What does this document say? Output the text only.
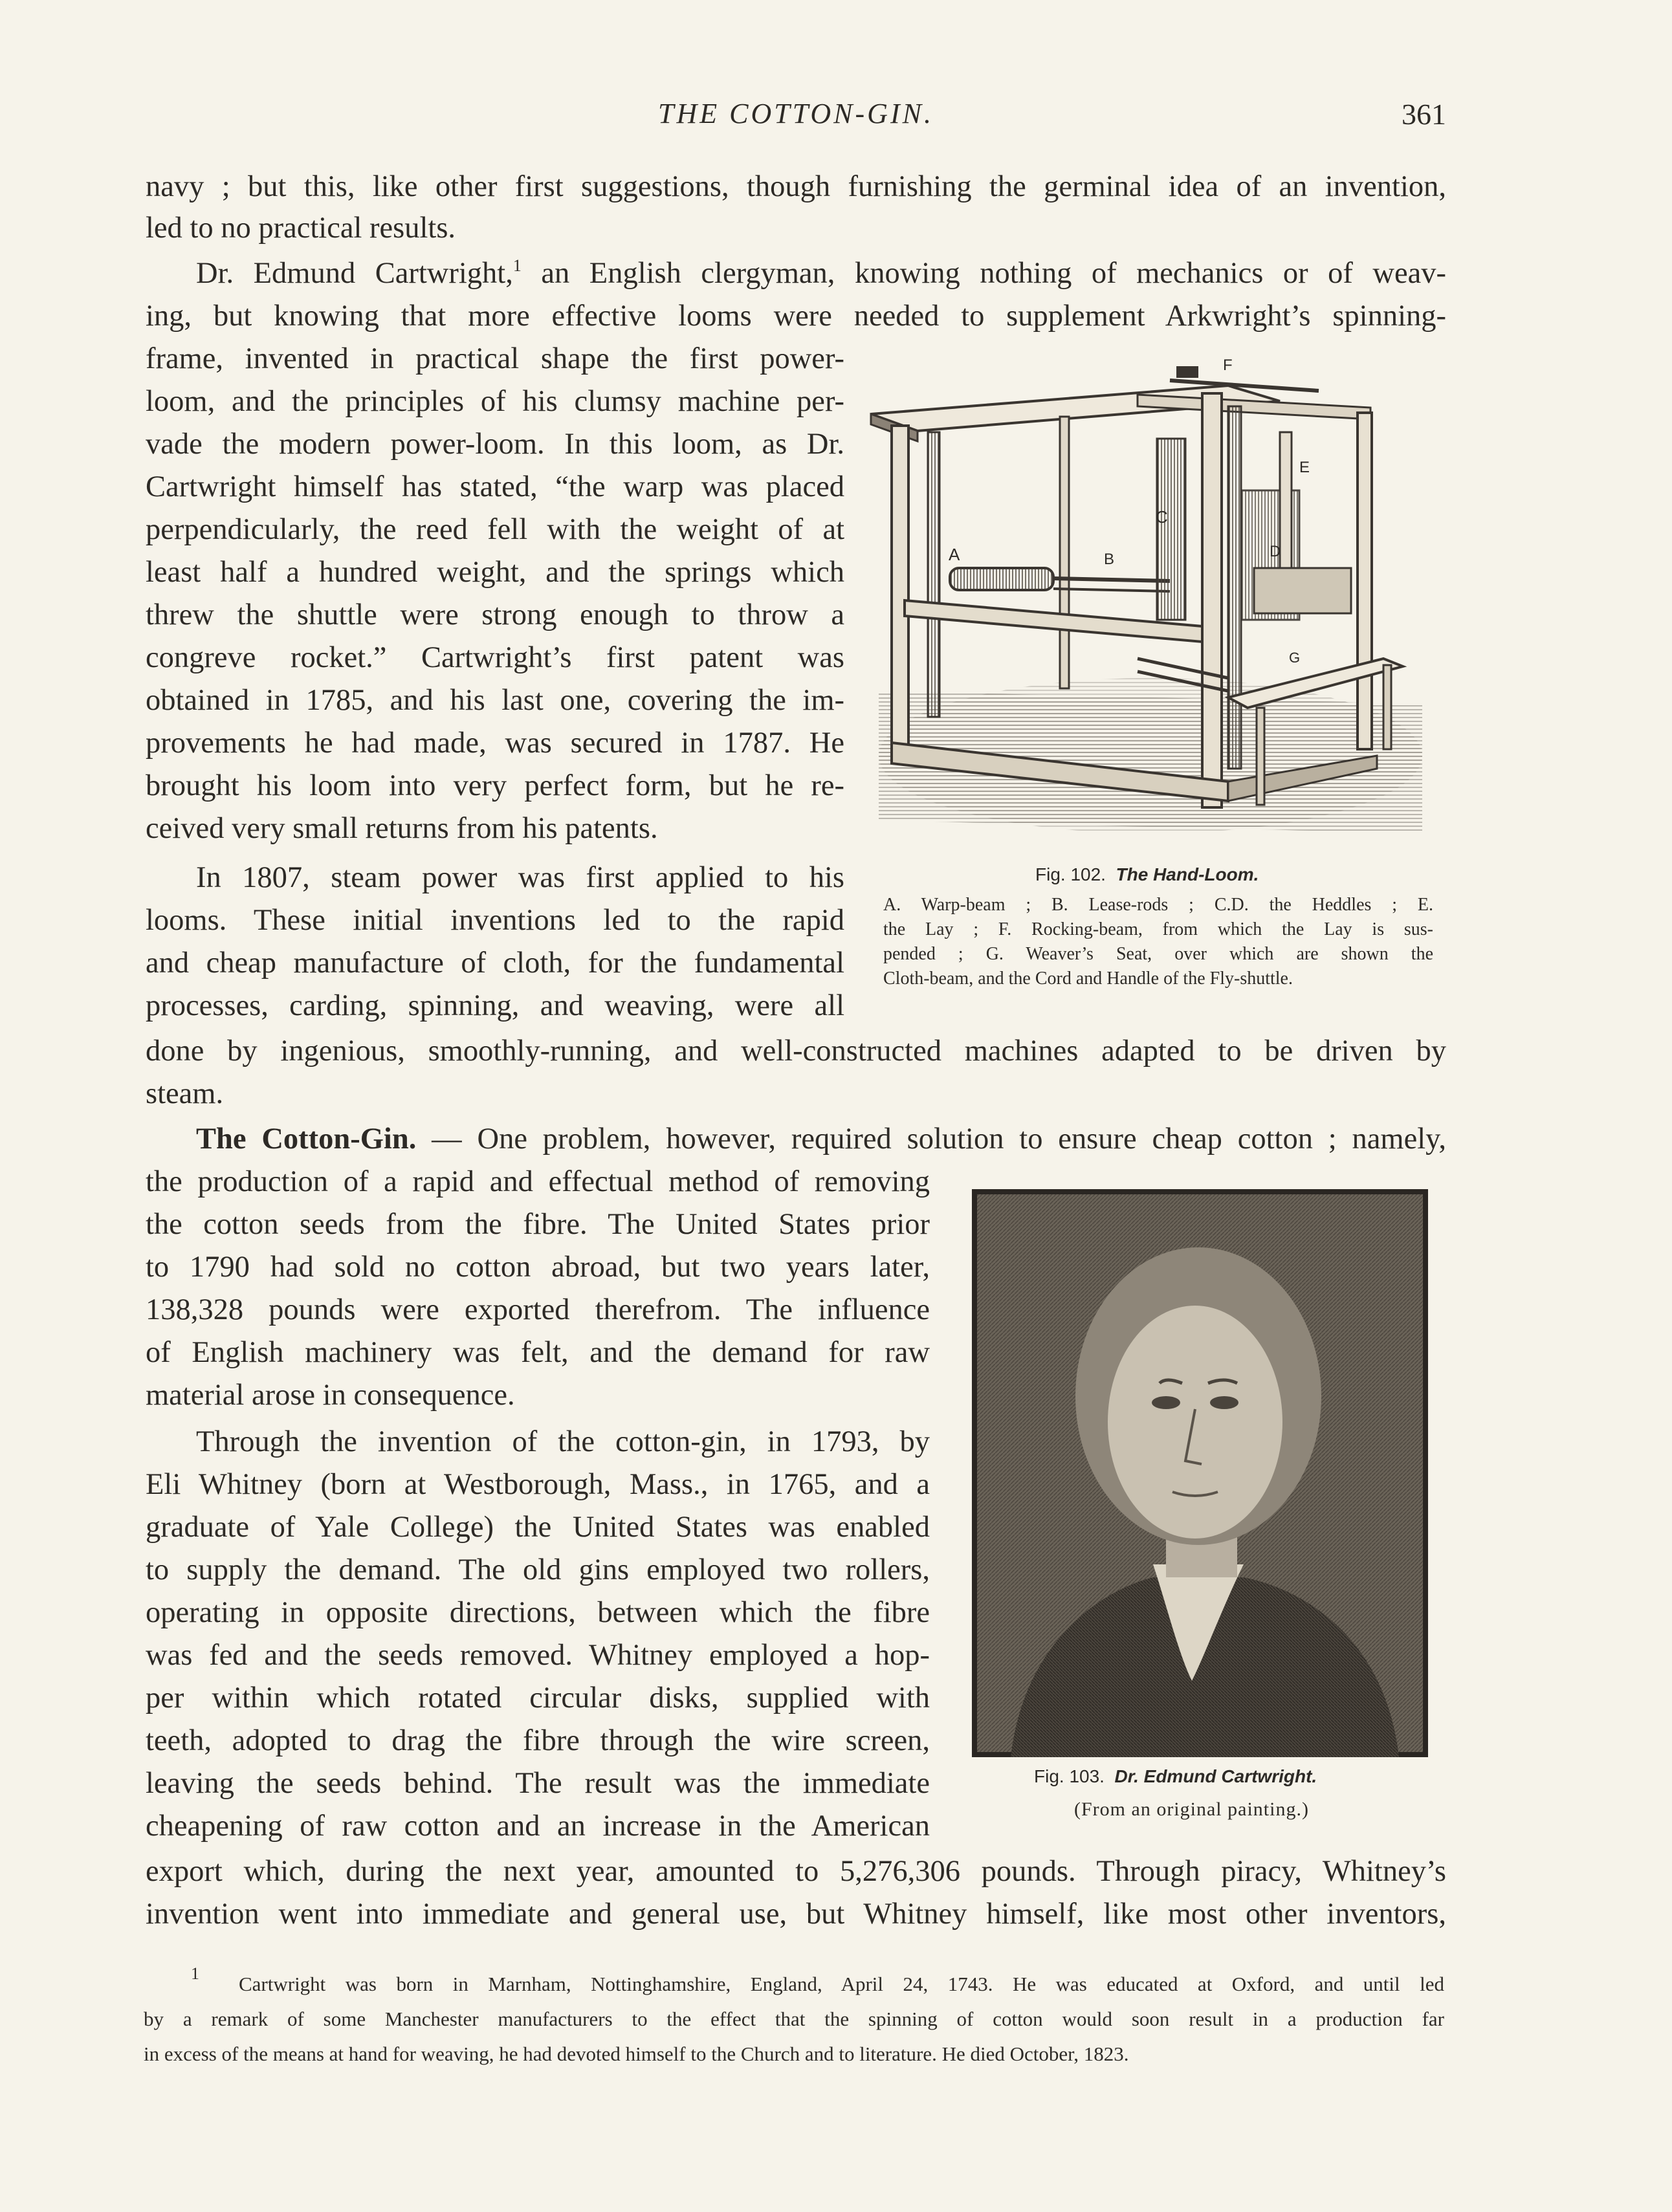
THE COTTON-GIN.	361
navy ; but this, like other first suggestions, though furnishing the germinal idea of an invention,
led to no practical results.
Dr. Edmund Cartwright,$^1$ an English clergyman, knowing nothing of mechanics or of weav-
ing, but knowing that more effective looms were needed to supplement Arkwright’s spinning-
frame, invented in practical shape the first power-
loom, and the principles of his clumsy machine per-
vade the modern power-loom. In this loom, as Dr.
Cartwright himself has stated, “the warp was placed
perpendicularly, the reed fell with the weight of at
least half a hundred weight, and the springs which
threw the shuttle were strong enough to throw a
congreve rocket.” Cartwright’s first patent was
obtained in 1785, and his last one, covering the im-
provements he had made, was secured in 1787. He
brought his loom into very perfect form, but he re-
ceived very small returns from his patents.
In 1807, steam power was first applied to his
looms. These initial inventions led to the rapid
and cheap manufacture of cloth, for the fundamental
processes, carding, spinning, and weaving, were all
done by ingenious, smoothly-running, and well-constructed machines adapted to be driven by
steam.
The Cotton-Gin. — One problem, however, required solution to ensure cheap cotton ; namely,
the production of a rapid and effectual method of removing
the cotton seeds from the fibre. The United States prior
to 1790 had sold no cotton abroad, but two years later,
138,328 pounds were exported therefrom. The influence
of English machinery was felt, and the demand for raw
material arose in consequence.
Through the invention of the cotton-gin, in 1793, by
Eli Whitney (born at Westborough, Mass., in 1765, and a
graduate of Yale College) the United States was enabled
to supply the demand. The old gins employed two rollers,
operating in opposite directions, between which the fibre
was fed and the seeds removed. Whitney employed a hop-
per within which rotated circular disks, supplied with
teeth, adopted to drag the fibre through the wire screen,
leaving the seeds behind. The result was the immediate
cheapening of raw cotton and an increase in the American
export which, during the next year, amounted to 5,276,306 pounds. Through piracy, Whitney’s
invention went into immediate and general use, but Whitney himself, like most other inventors,
A	B
C
D
E
F
G
Fig. 102. The Hand-Loom.
A. Warp-beam ; B. Lease-rods ; C.D. the Heddles ; E.
the Lay ; F. Rocking-beam, from which the Lay is sus-
pended ; G. Weaver’s Seat, over which are shown the
Cloth-beam, and the Cord and Handle of the Fly-shuttle.
Fig. 103. Dr. Edmund Cartwright.
(From an original painting.)
$^1$ Cartwright was born in Marnham, Nottinghamshire, England, April 24, 1743. He was educated at Oxford, and until led
by a remark of some Manchester manufacturers to the effect that the spinning of cotton would soon result in a production far
in excess of the means at hand for weaving, he had devoted himself to the Church and to literature. He died October, 1823.
